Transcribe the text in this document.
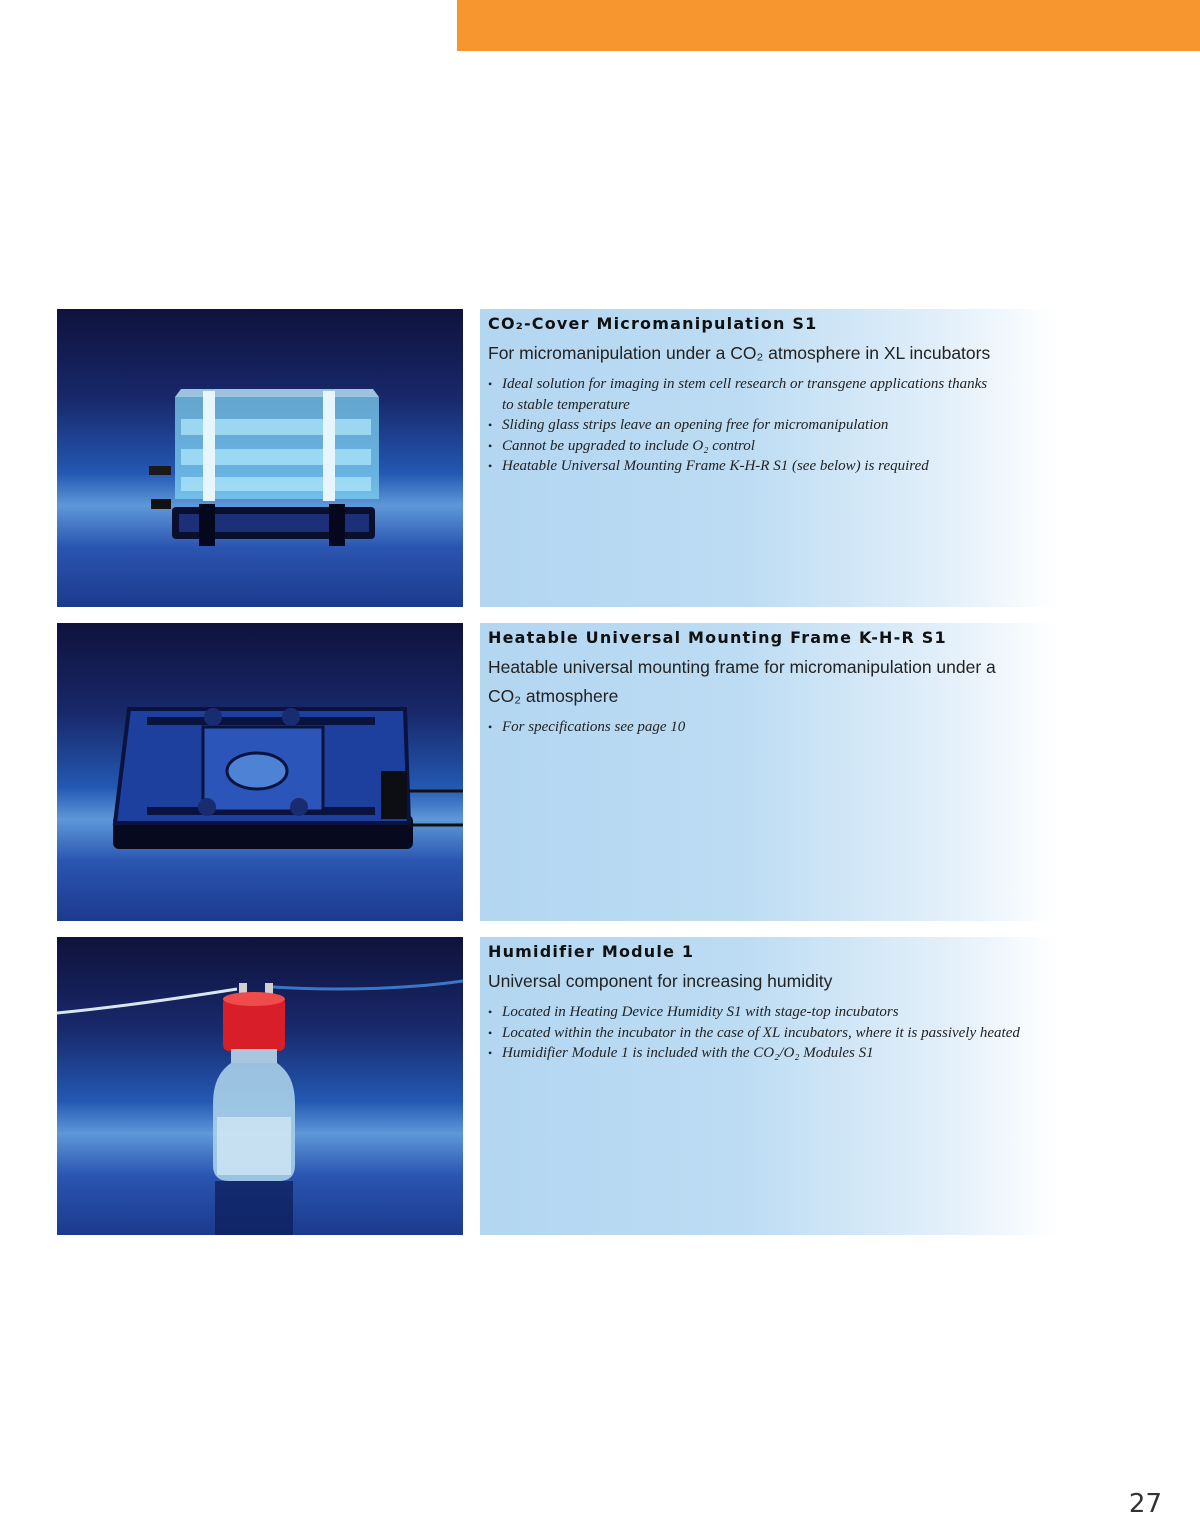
CO₂-Cover Micromanipulation S1

For micromanipulation under a CO₂ atmosphere in XL incubators

• Ideal solution for imaging in stem cell research or transgene applications thanks to stable temperature
• Sliding glass strips leave an opening free for micromanipulation
• Cannot be upgraded to include O₂ control
• Heatable Universal Mounting Frame K-H-R S1 (see below) is required
Heatable Universal Mounting Frame K-H-R S1

Heatable universal mounting frame for micromanipulation under a CO₂ atmosphere

• For specifications see page 10
Humidifier Module 1

Universal component for increasing humidity

• Located in Heating Device Humidity S1 with stage-top incubators
• Located within the incubator in the case of XL incubators, where it is passively heated
• Humidifier Module 1 is included with the CO₂/O₂ Modules S1
27
